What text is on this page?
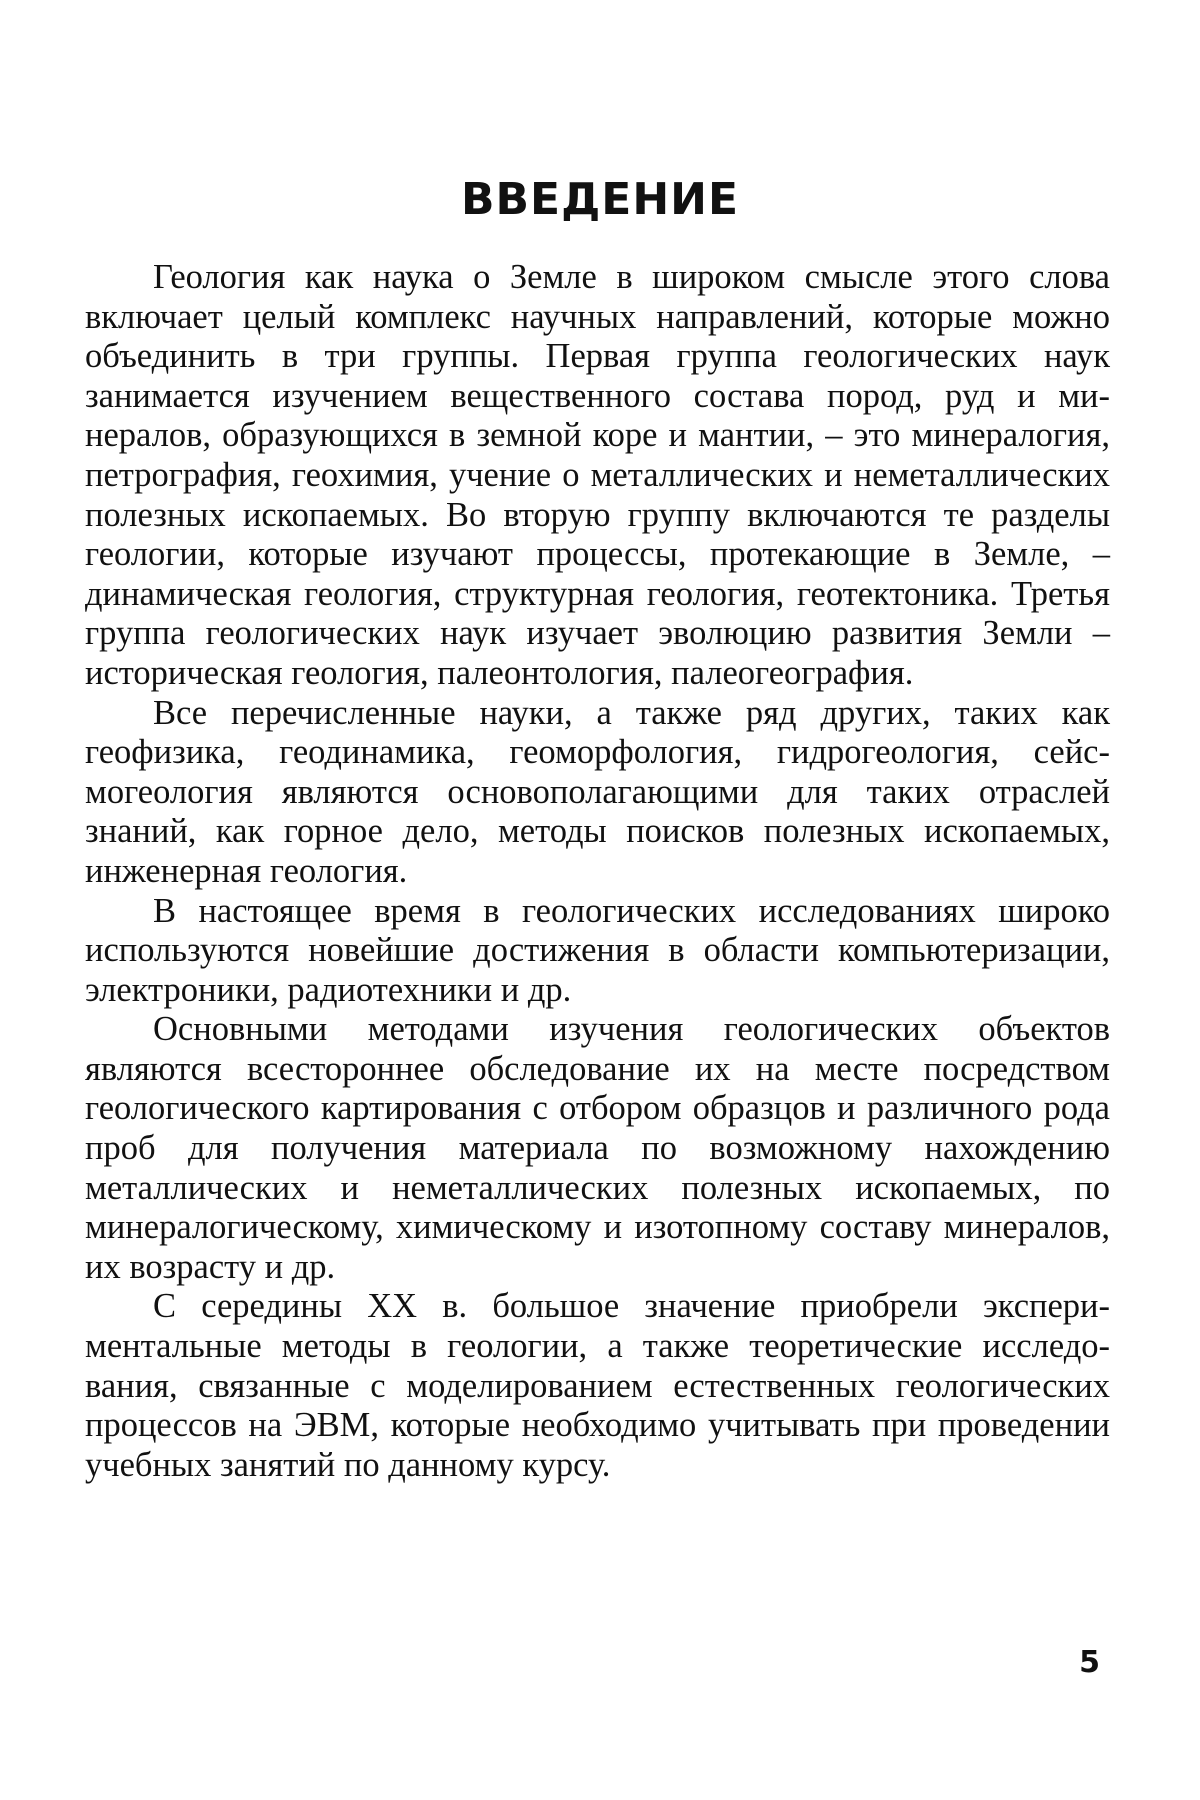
ВВЕДЕНИЕ

Геология как наука о Земле в широком смысле этого слова включает целый комплекс научных направлений, которые можно объединить в три группы. Первая группа геологических наук занимается изучением вещественного состава пород, руд и минералов, образующихся в земной коре и мантии, – это минералогия, петрография, геохимия, учение о металлических и неметаллических полезных ископаемых. Во вторую группу включаются те разделы геологии, которые изучают процессы, протекающие в Земле, – динамическая геология, структурная геология, геотектоника. Третья группа геологических наук изучает эволюцию развития Земли – историческая геология, палеонтология, палеогеография.

Все перечисленные науки, а также ряд других, таких как геофизика, геодинамика, геоморфология, гидрогеология, сейсмогеология являются основополагающими для таких отраслей знаний, как горное дело, методы поисков полезных ископаемых, инженерная геология.

В настоящее время в геологических исследованиях широко используются новейшие достижения в области компьютеризации, электроники, радиотехники и др.

Основными методами изучения геологических объектов являются всестороннее обследование их на месте посредством геологического картирования с отбором образцов и различного рода проб для получения материала по возможному нахождению металлических и неметаллических полезных ископаемых, по минералогическому, химическому и изотопному составу минералов, их возрасту и др.

С середины XX в. большое значение приобрели экспериментальные методы в геологии, а также теоретические исследования, связанные с моделированием естественных геологических процессов на ЭВМ, которые необходимо учитывать при проведении учебных занятий по данному курсу.

5
